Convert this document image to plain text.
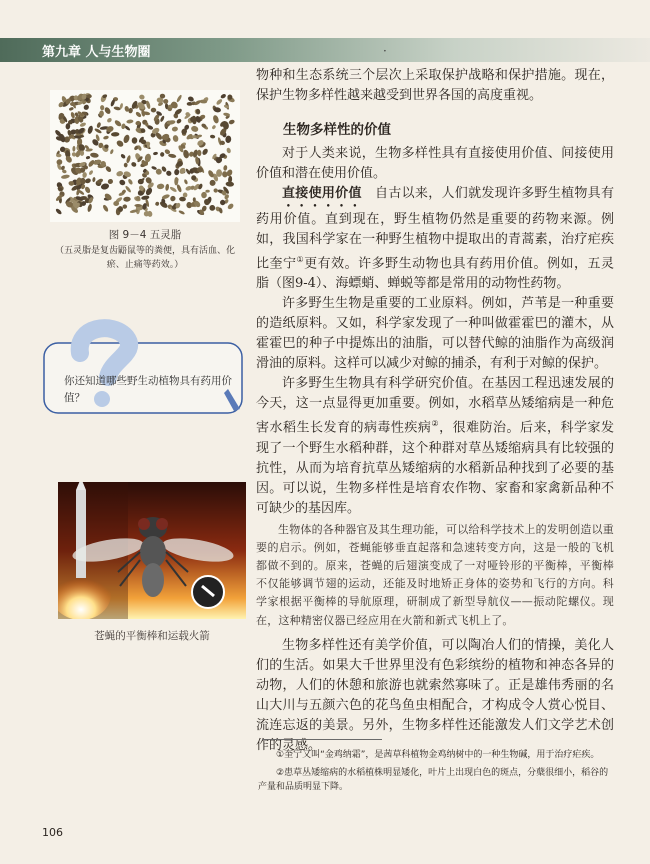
第九章 人与生物圈	·
图 9－4 五灵脂
（五灵脂是复齿鼯鼠等的粪便，具有活血、化瘀、止痛等药效。）
你还知道哪些野生动植物具有药用价值？
苍蝇的平衡棒和运载火箭

物种和生态系统三个层次上采取保护战略和保护措施。现在，保护生物多样性越来越受到世界各国的高度重视。

生物多样性的价值

对于人类来说，生物多样性具有直接使用价值、间接使用价值和潜在使用价值。

直接使用价值　自古以来，人们就发现许多野生植物具有药用价值。直到现在，野生植物仍然是重要的药物来源。例如，我国科学家在一种野生植物中提取出的青蒿素，治疗疟疾比奎宁①更有效。许多野生动物也具有药用价值。例如，五灵脂（图9-4）、海螵蛸、蝉蜕等都是常用的动物性药物。

许多野生生物是重要的工业原料。例如，芦苇是一种重要的造纸原料。又如，科学家发现了一种叫做霍霍巴的灌木，从霍霍巴的种子中提炼出的油脂，可以替代鲸的油脂作为高级润滑油的原料。这样可以减少对鲸的捕杀，有利于对鲸的保护。

许多野生生物具有科学研究价值。在基因工程迅速发展的今天，这一点显得更加重要。例如，水稻草丛矮缩病是一种危害水稻生长发育的病毒性疾病②，很难防治。后来，科学家发现了一个野生水稻种群，这个种群对草丛矮缩病具有比较强的抗性，从而为培育抗草丛矮缩病的水稻新品种找到了必要的基因。可以说，生物多样性是培育农作物、家畜和家禽新品种不可缺少的基因库。

生物体的各种器官及其生理功能，可以给科学技术上的发明创造以重要的启示。例如，苍蝇能够垂直起落和急速转变方向，这是一般的飞机都做不到的。原来，苍蝇的后翅演变成了一对哑铃形的平衡棒，平衡棒不仅能够调节翅的运动，还能及时地矫正身体的姿势和飞行的方向。科学家根据平衡棒的导航原理，研制成了新型导航仪——振动陀螺仪。现在，这种精密仪器已经应用在火箭和新式飞机上了。

生物多样性还有美学价值，可以陶冶人们的情操，美化人们的生活。如果大千世界里没有色彩缤纷的植物和神态各异的动物，人们的休憩和旅游也就索然寡味了。正是雄伟秀丽的名山大川与五颜六色的花鸟鱼虫相配合，才构成令人赏心悦目、流连忘返的美景。另外，生物多样性还能激发人们文学艺术创作的灵感。

①奎宁又叫“金鸡纳霜”，是茜草科植物金鸡纳树中的一种生物碱，用于治疗疟疾。

②患草丛矮缩病的水稻植株明显矮化，叶片上出现白色的斑点，分蘖很细小，稻谷的产量和品质明显下降。

106
